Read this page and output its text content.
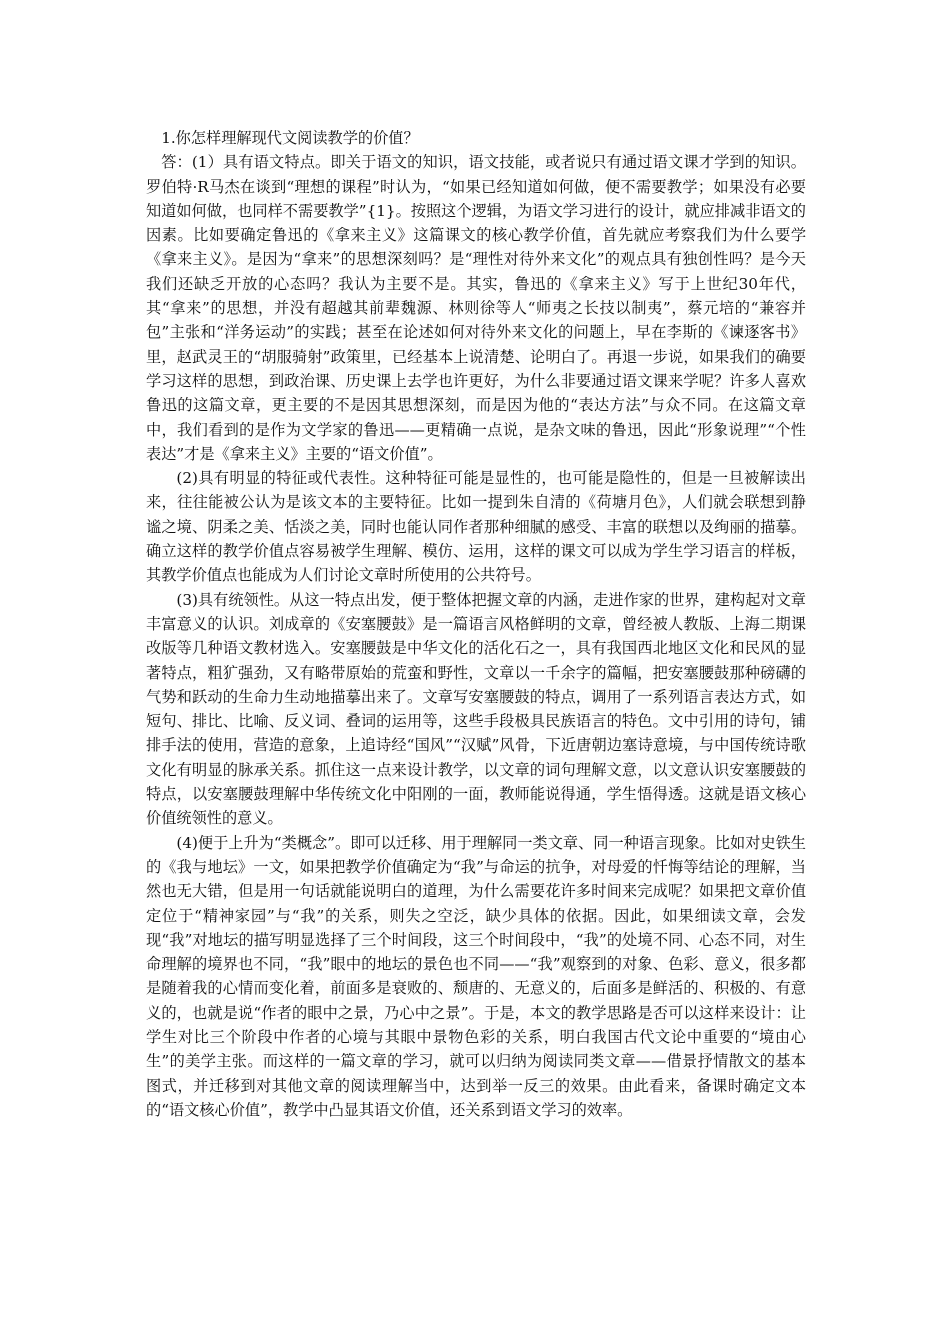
1.你怎样理解现代文阅读教学的价值？

答：(1）具有语文特点。即关于语文的知识，语文技能，或者说只有通过语文课才学到的知识。罗伯特·R马杰在谈到“理想的课程”时认为，“如果已经知道如何做，便不需要教学；如果没有必要知道如何做，也同样不需要教学”{1}。按照这个逻辑，为语文学习进行的设计，就应排减非语文的因素。比如要确定鲁迅的《拿来主义》这篇课文的核心教学价值，首先就应考察我们为什么要学《拿来主义》。是因为“拿来”的思想深刻吗？是“理性对待外来文化”的观点具有独创性吗？是今天我们还缺乏开放的心态吗？我认为主要不是。其实，鲁迅的《拿来主义》写于上世纪30年代，其“拿来”的思想，并没有超越其前辈魏源、林则徐等人“师夷之长技以制夷”，蔡元培的“兼容并包”主张和“洋务运动”的实践；甚至在论述如何对待外来文化的问题上，早在李斯的《谏逐客书》里，赵武灵王的“胡服骑射”政策里，已经基本上说清楚、论明白了。再退一步说，如果我们的确要学习这样的思想，到政治课、历史课上去学也许更好，为什么非要通过语文课来学呢？许多人喜欢鲁迅的这篇文章，更主要的不是因其思想深刻，而是因为他的“表达方法”与众不同。在这篇文章中，我们看到的是作为文学家的鲁迅——更精确一点说，是杂文味的鲁迅，因此“形象说理”“个性表达”才是《拿来主义》主要的“语文价值”。

(2)具有明显的特征或代表性。这种特征可能是显性的，也可能是隐性的，但是一旦被解读出来，往往能被公认为是该文本的主要特征。比如一提到朱自清的《荷塘月色》，人们就会联想到静谧之境、阴柔之美、恬淡之美，同时也能认同作者那种细腻的感受、丰富的联想以及绚丽的描摹。确立这样的教学价值点容易被学生理解、模仿、运用，这样的课文可以成为学生学习语言的样板，其教学价值点也能成为人们讨论文章时所使用的公共符号。

(3)具有统领性。从这一特点出发，便于整体把握文章的内涵，走进作家的世界，建构起对文章丰富意义的认识。刘成章的《安塞腰鼓》是一篇语言风格鲜明的文章，曾经被人教版、上海二期课改版等几种语文教材选入。安塞腰鼓是中华文化的活化石之一，具有我国西北地区文化和民风的显著特点，粗犷强劲，又有略带原始的荒蛮和野性，文章以一千余字的篇幅，把安塞腰鼓那种磅礴的气势和跃动的生命力生动地描摹出来了。文章写安塞腰鼓的特点，调用了一系列语言表达方式，如短句、排比、比喻、反义词、叠词的运用等，这些手段极具民族语言的特色。文中引用的诗句，铺排手法的使用，营造的意象，上追诗经“国风”“汉赋”风骨，下近唐朝边塞诗意境，与中国传统诗歌文化有明显的脉承关系。抓住这一点来设计教学，以文章的词句理解文意，以文意认识安塞腰鼓的特点，以安塞腰鼓理解中华传统文化中阳刚的一面，教师能说得通，学生悟得透。这就是语文核心价值统领性的意义。

(4)便于上升为“类概念”。即可以迁移、用于理解同一类文章、同一种语言现象。比如对史铁生的《我与地坛》一文，如果把教学价值确定为“我”与命运的抗争，对母爱的忏悔等结论的理解，当然也无大错，但是用一句话就能说明白的道理，为什么需要花许多时间来完成呢？如果把文章价值定位于“精神家园”与“我”的关系，则失之空泛，缺少具体的依据。因此，如果细读文章，会发现“我”对地坛的描写明显选择了三个时间段，这三个时间段中，“我”的处境不同、心态不同，对生命理解的境界也不同，“我”眼中的地坛的景色也不同——“我”观察到的对象、色彩、意义，很多都是随着我的心情而变化着，前面多是衰败的、颓唐的、无意义的，后面多是鲜活的、积极的、有意义的，也就是说“作者的眼中之景，乃心中之景”。于是，本文的教学思路是否可以这样来设计：让学生对比三个阶段中作者的心境与其眼中景物色彩的关系，明白我国古代文论中重要的“境由心生”的美学主张。而这样的一篇文章的学习，就可以归纳为阅读同类文章——借景抒情散文的基本图式，并迁移到对其他文章的阅读理解当中，达到举一反三的效果。由此看来，备课时确定文本的“语文核心价值”，教学中凸显其语文价值，还关系到语文学习的效率。
